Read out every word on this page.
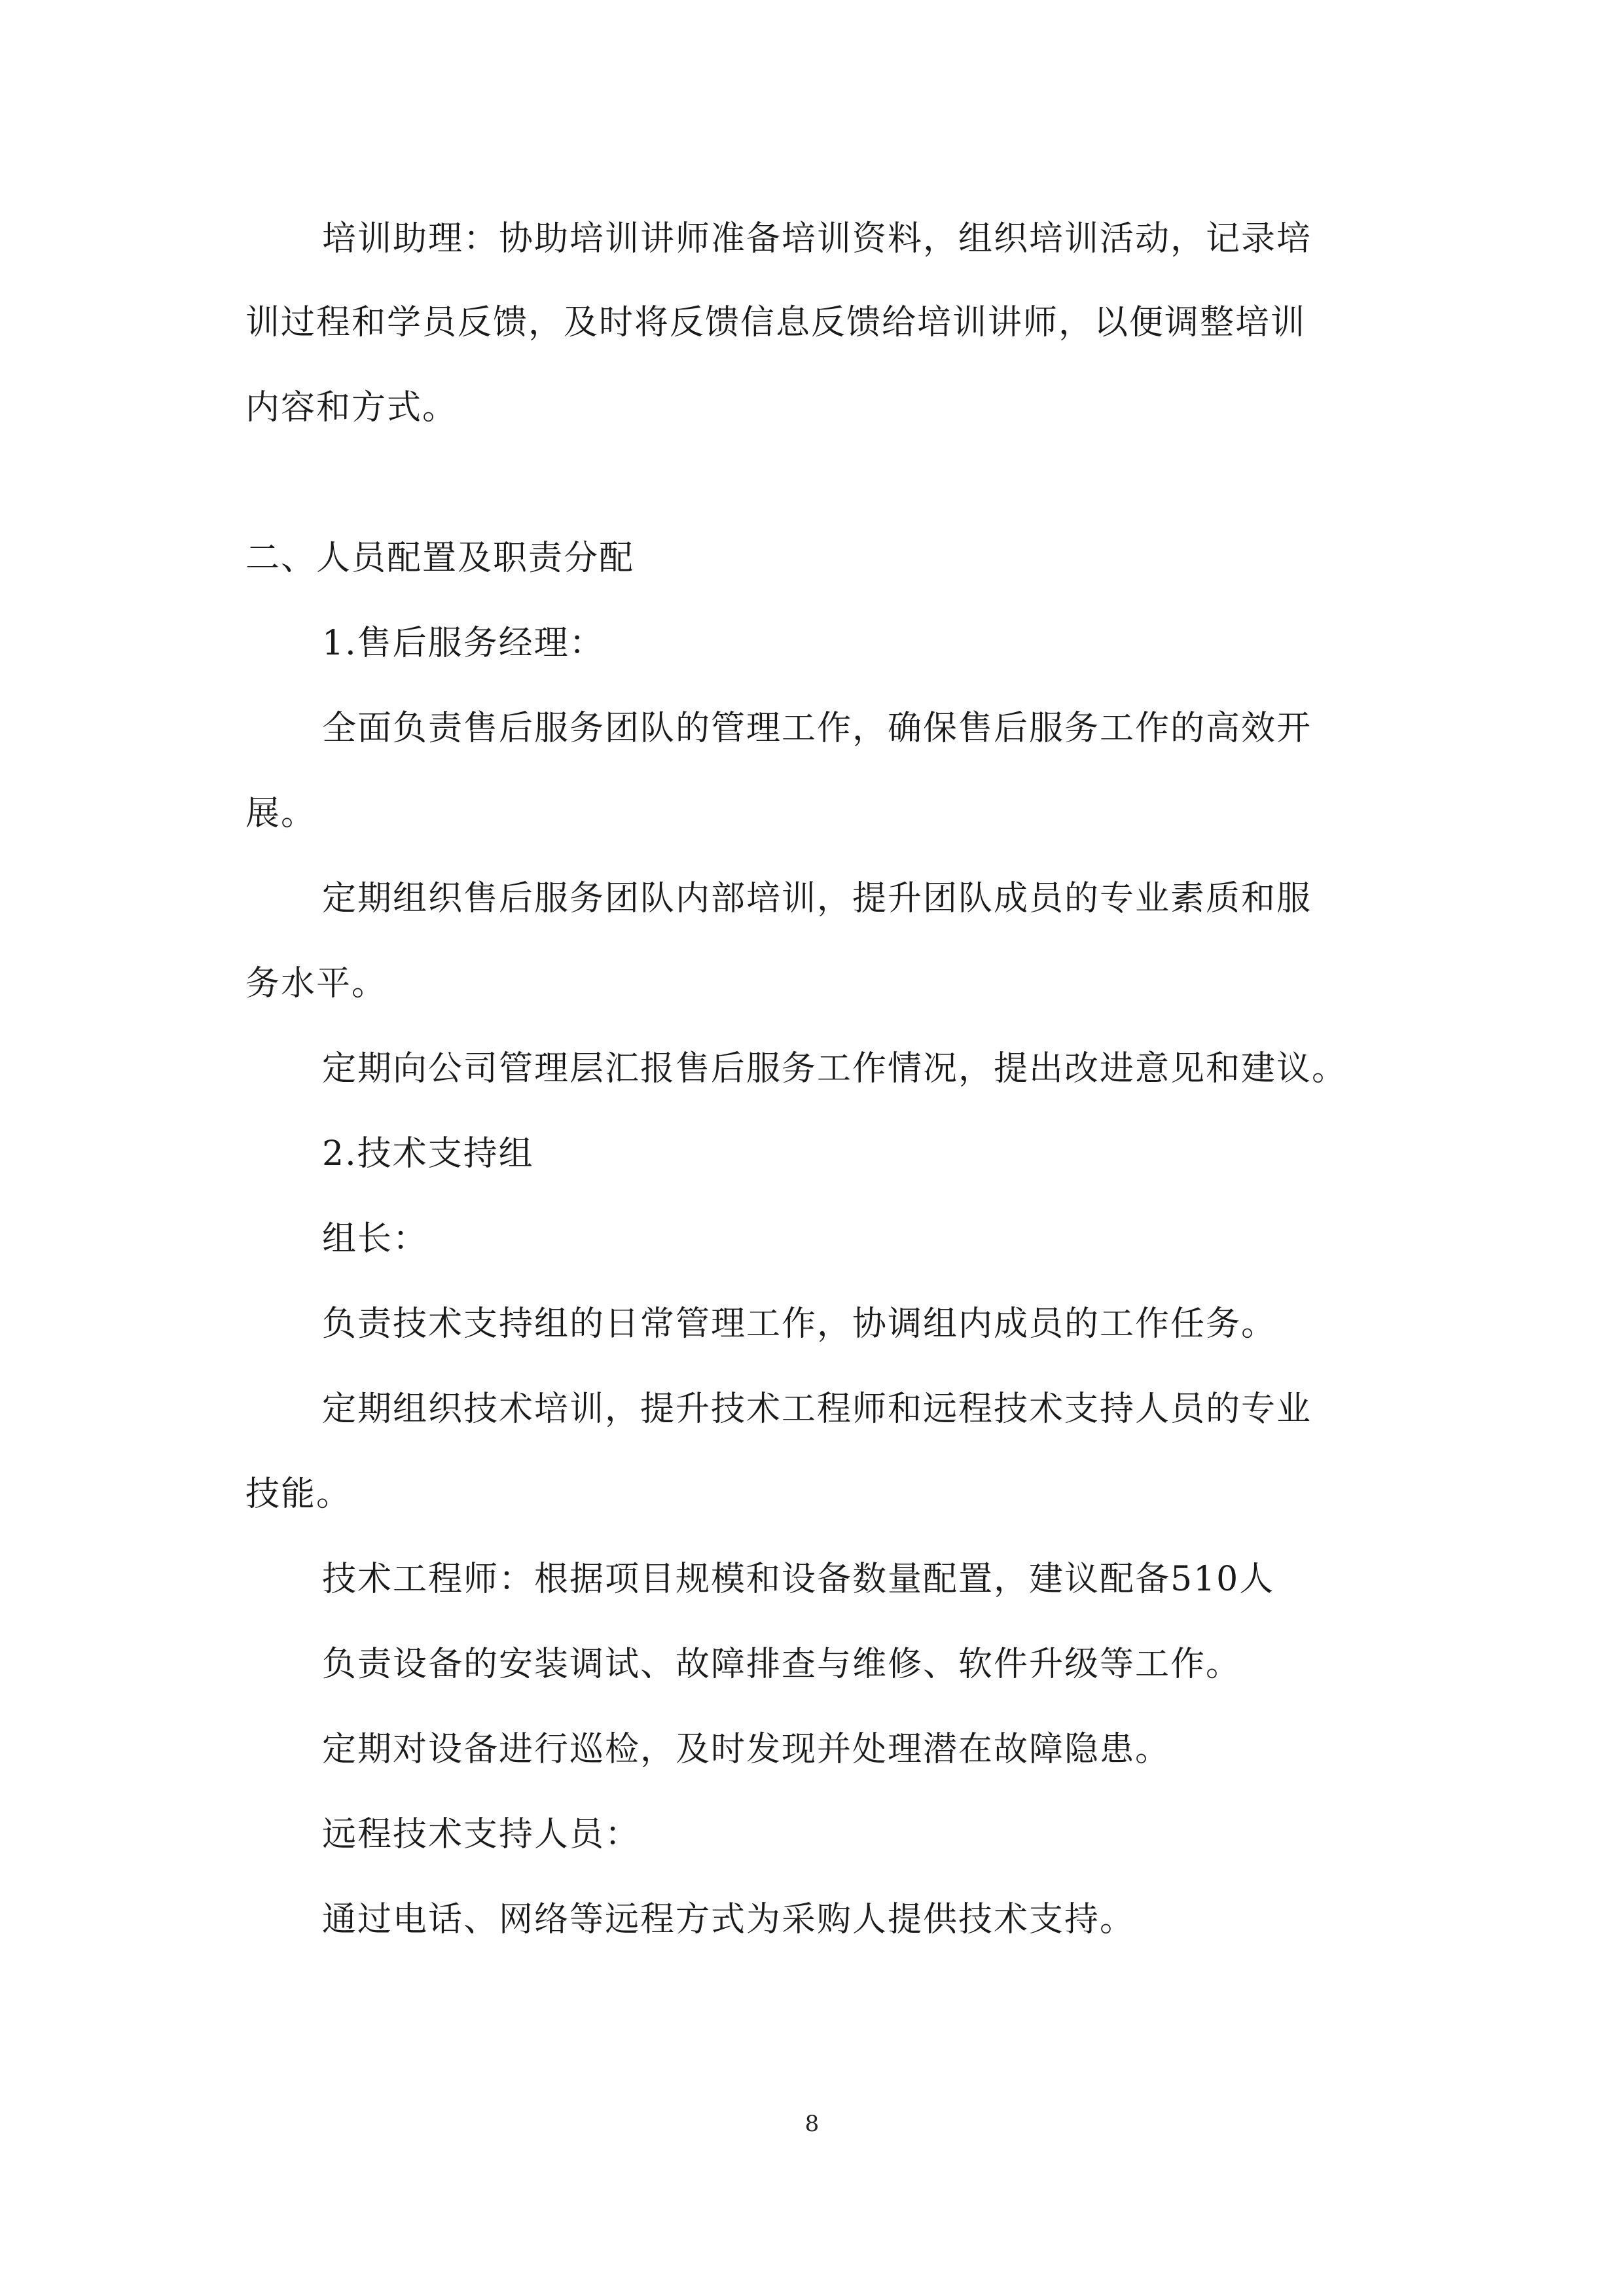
培训助理：协助培训讲师准备培训资料，组织培训活动，记录培
训过程和学员反馈，及时将反馈信息反馈给培训讲师，以便调整培训
内容和方式。
二、人员配置及职责分配
1.售后服务经理：
全面负责售后服务团队的管理工作，确保售后服务工作的高效开
展。
定期组织售后服务团队内部培训，提升团队成员的专业素质和服
务水平。
定期向公司管理层汇报售后服务工作情况，提出改进意见和建议。
2.技术支持组
组长：
负责技术支持组的日常管理工作，协调组内成员的工作任务。
定期组织技术培训，提升技术工程师和远程技术支持人员的专业
技能。
技术工程师：根据项目规模和设备数量配置，建议配备510人
负责设备的安装调试、故障排查与维修、软件升级等工作。
定期对设备进行巡检，及时发现并处理潜在故障隐患。
远程技术支持人员：
通过电话、网络等远程方式为采购人提供技术支持。
8
